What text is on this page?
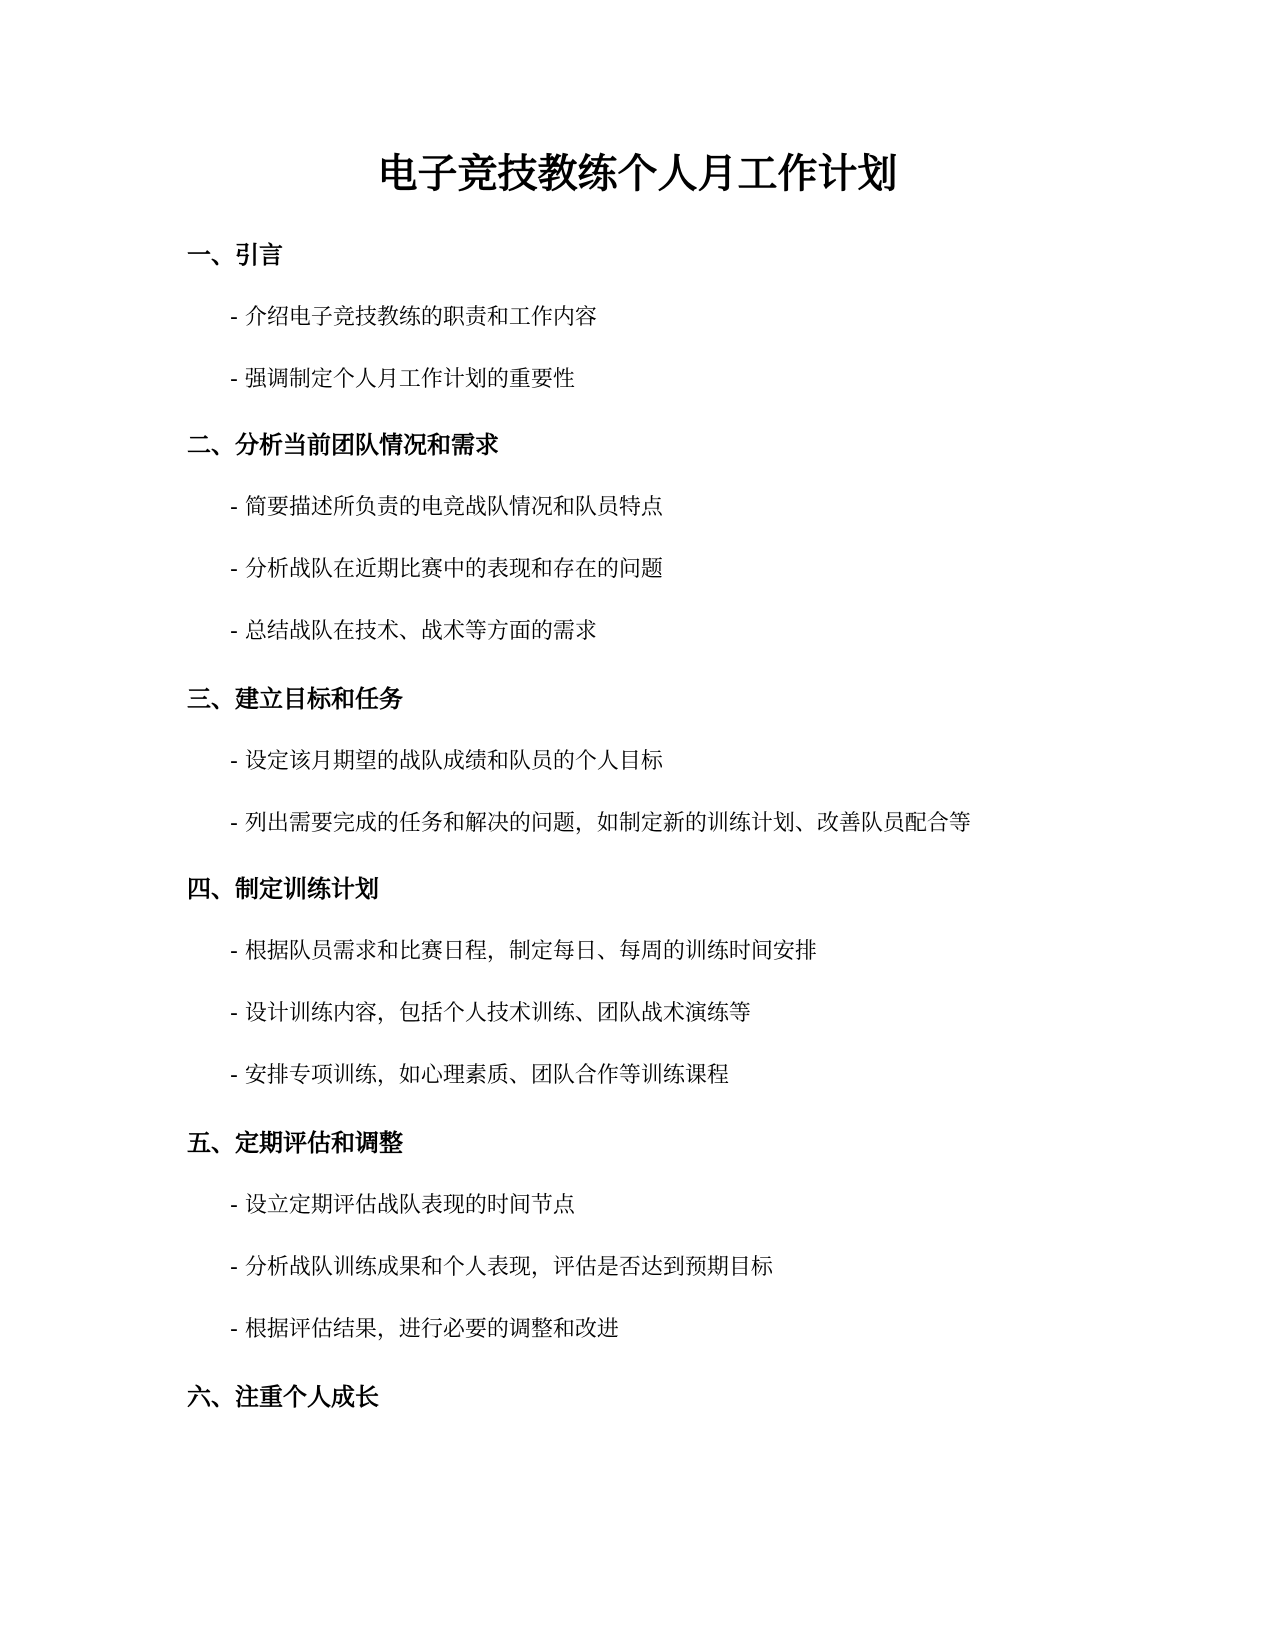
电子竞技教练个人月工作计划
一、引言

- 介绍电子竞技教练的职责和工作内容

- 强调制定个人月工作计划的重要性

二、分析当前团队情况和需求

- 简要描述所负责的电竞战队情况和队员特点

- 分析战队在近期比赛中的表现和存在的问题

- 总结战队在技术、战术等方面的需求

三、建立目标和任务

- 设定该月期望的战队成绩和队员的个人目标

- 列出需要完成的任务和解决的问题，如制定新的训练计划、改善队员配合等

四、制定训练计划

- 根据队员需求和比赛日程，制定每日、每周的训练时间安排

- 设计训练内容，包括个人技术训练、团队战术演练等

- 安排专项训练，如心理素质、团队合作等训练课程

五、定期评估和调整

- 设立定期评估战队表现的时间节点

- 分析战队训练成果和个人表现，评估是否达到预期目标

- 根据评估结果，进行必要的调整和改进

六、注重个人成长
